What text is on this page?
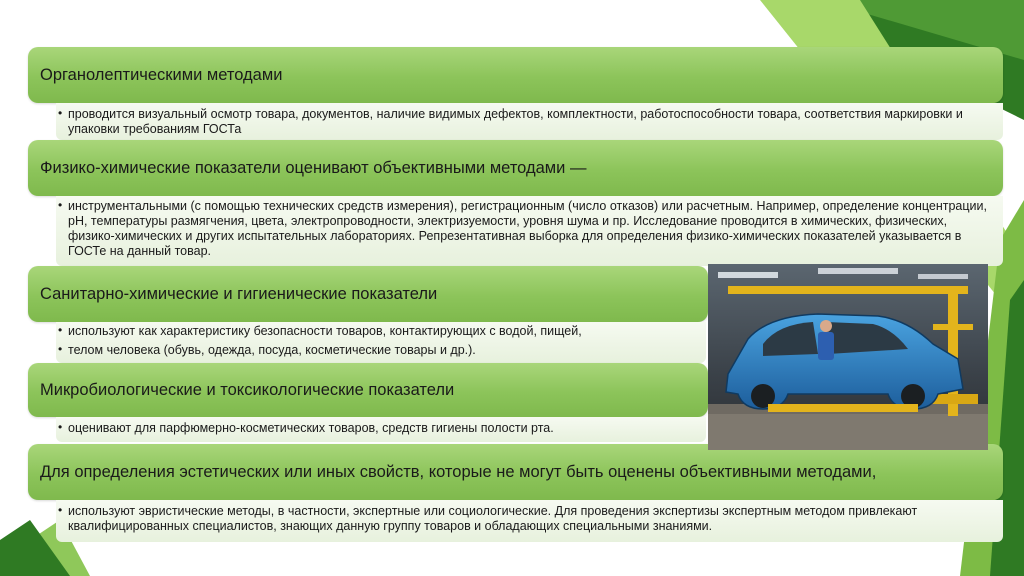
Органолептическими методами
• проводится визуальный осмотр товара, документов, наличие видимых дефектов, комплектности, работоспособности товара, соответствия маркировки и упаковки требованиям ГОСТа
Физико-химические показатели оценивают объективными методами —
• инструментальными (с помощью технических средств измерения), регистрационным (число отказов) или расчетным. Например, определение концентрации, рН, температуры размягчения, цвета, электропроводности, электризуемости, уровня шума и пр. Исследование проводится в химических, физических, физико-химических и других испытательных лабораториях. Репрезентативная выборка для определения физико-химических показателей указывается в ГОСТе на данный товар.
Санитарно-химические и гигиенические показатели
• используют как характеристику безопасности товаров, контактирующих с водой, пищей,
• телом человека (обувь, одежда, посуда, косметические товары и др.).
Микробиологические и токсикологические показатели
• оценивают для парфюмерно-косметических товаров, средств гигиены полости рта.
Для определения эстетических или иных свойств, которые не могут быть оценены объективными методами,
• используют эвристические методы, в частности, экспертные или социологические. Для проведения экспертизы экспертным методом привлекают квалифицированных специалистов, знающих данную группу товаров и обладающих специальными знаниями.
